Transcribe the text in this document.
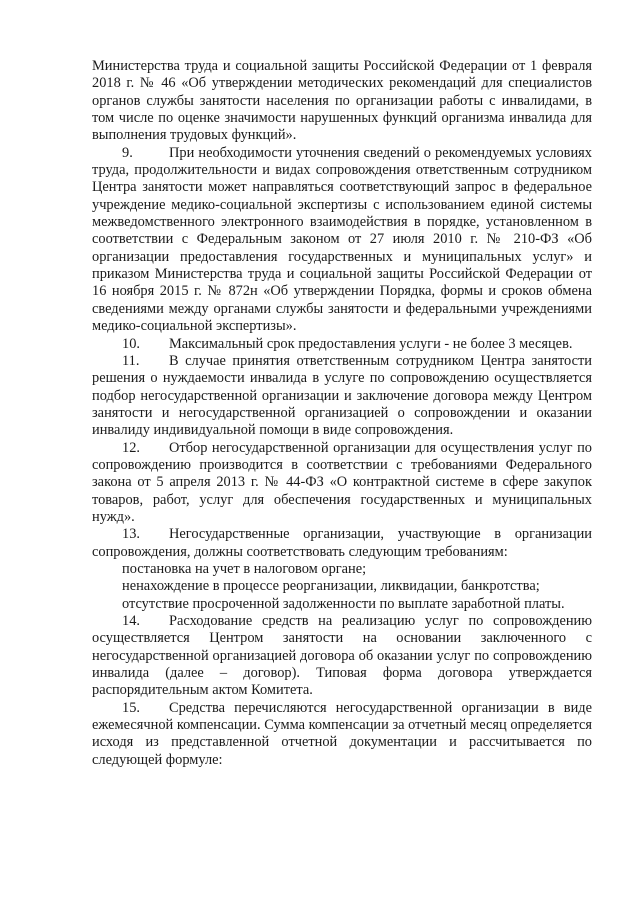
Министерства труда и социальной защиты Российской Федерации от 1 февраля 2018 г. № 46 «Об утверждении методических рекомендаций для специалистов органов службы занятости населения по организации работы с инвалидами, в том числе по оценке значимости нарушенных функций организма инвалида для выполнения трудовых функций».

9.	При необходимости уточнения сведений о рекомендуемых условиях труда, продолжительности и видах сопровождения ответственным сотрудником Центра занятости может направляться соответствующий запрос в федеральное учреждение медико-социальной экспертизы с использованием единой системы межведомственного электронного взаимодействия в порядке, установленном в соответствии с Федеральным законом от 27 июля 2010 г. № 210-ФЗ «Об организации предоставления государственных и муниципальных услуг» и приказом Министерства труда и социальной защиты Российской Федерации от 16 ноября 2015 г. № 872н «Об утверждении Порядка, формы и сроков обмена сведениями между органами службы занятости и федеральными учреждениями медико-социальной экспертизы».

10. Максимальный срок предоставления услуги - не более 3 месяцев.

11. В случае принятия ответственным сотрудником Центра занятости решения о нуждаемости инвалида в услуге по сопровождению осуществляется подбор негосударственной организации и заключение договора между Центром занятости и негосударственной организацией о сопровождении и оказании инвалиду индивидуальной помощи в виде сопровождения.

12. Отбор негосударственной организации для осуществления услуг по сопровождению производится в соответствии с требованиями Федерального закона от 5 апреля 2013 г. № 44-ФЗ «О контрактной системе в сфере закупок товаров, работ, услуг для обеспечения государственных и муниципальных нужд».

13. Негосударственные организации, участвующие в организации сопровождения, должны соответствовать следующим требованиям:

постановка на учет в налоговом органе;

ненахождение в процессе реорганизации, ликвидации, банкротства;

отсутствие просроченной задолженности по выплате заработной платы.

14. Расходование средств на реализацию услуг по сопровождению осуществляется Центром занятости на основании заключенного с негосударственной организацией договора об оказании услуг по сопровождению инвалида (далее – договор). Типовая форма договора утверждается распорядительным актом Комитета.

15. Средства перечисляются негосударственной организации в виде ежемесячной компенсации. Сумма компенсации за отчетный месяц определяется исходя из представленной отчетной документации и рассчитывается по следующей формуле:
